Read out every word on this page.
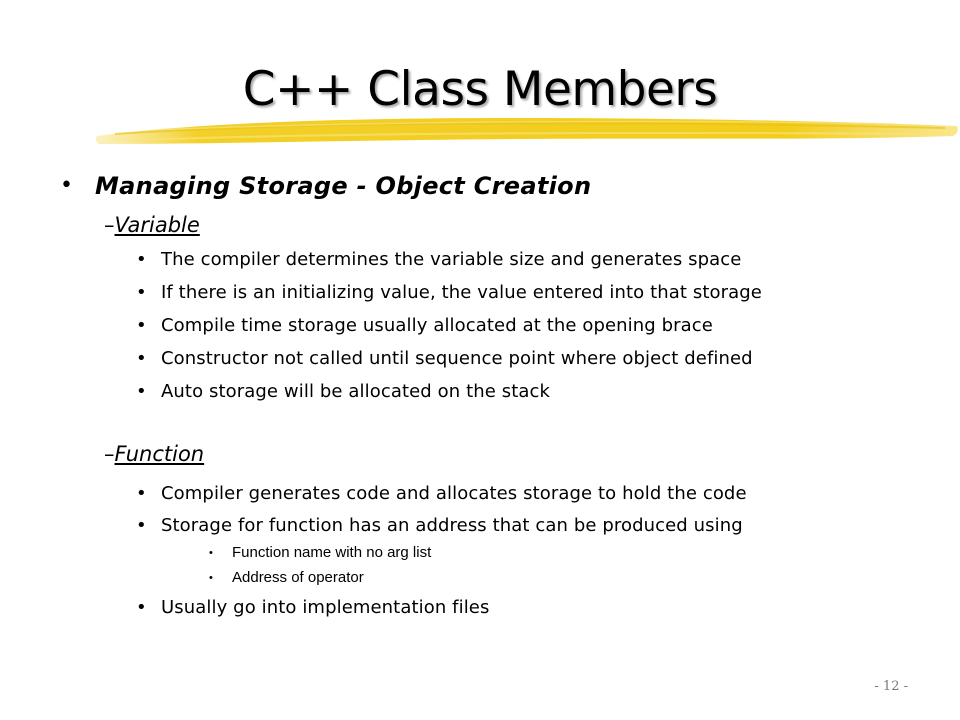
C++ Class Members
• Managing Storage - Object Creation
–Variable
• The compiler determines the variable size and generates space
• If there is an initializing value, the value entered into that storage
• Compile time storage usually allocated at the opening brace
• Constructor not called until sequence point where object defined
• Auto storage will be allocated on the stack
–Function
• Compiler generates code and allocates storage to hold the code
• Storage for function has an address that can be produced using
• Function name with no arg list
• Address of operator
• Usually go into implementation files
- 12 -
